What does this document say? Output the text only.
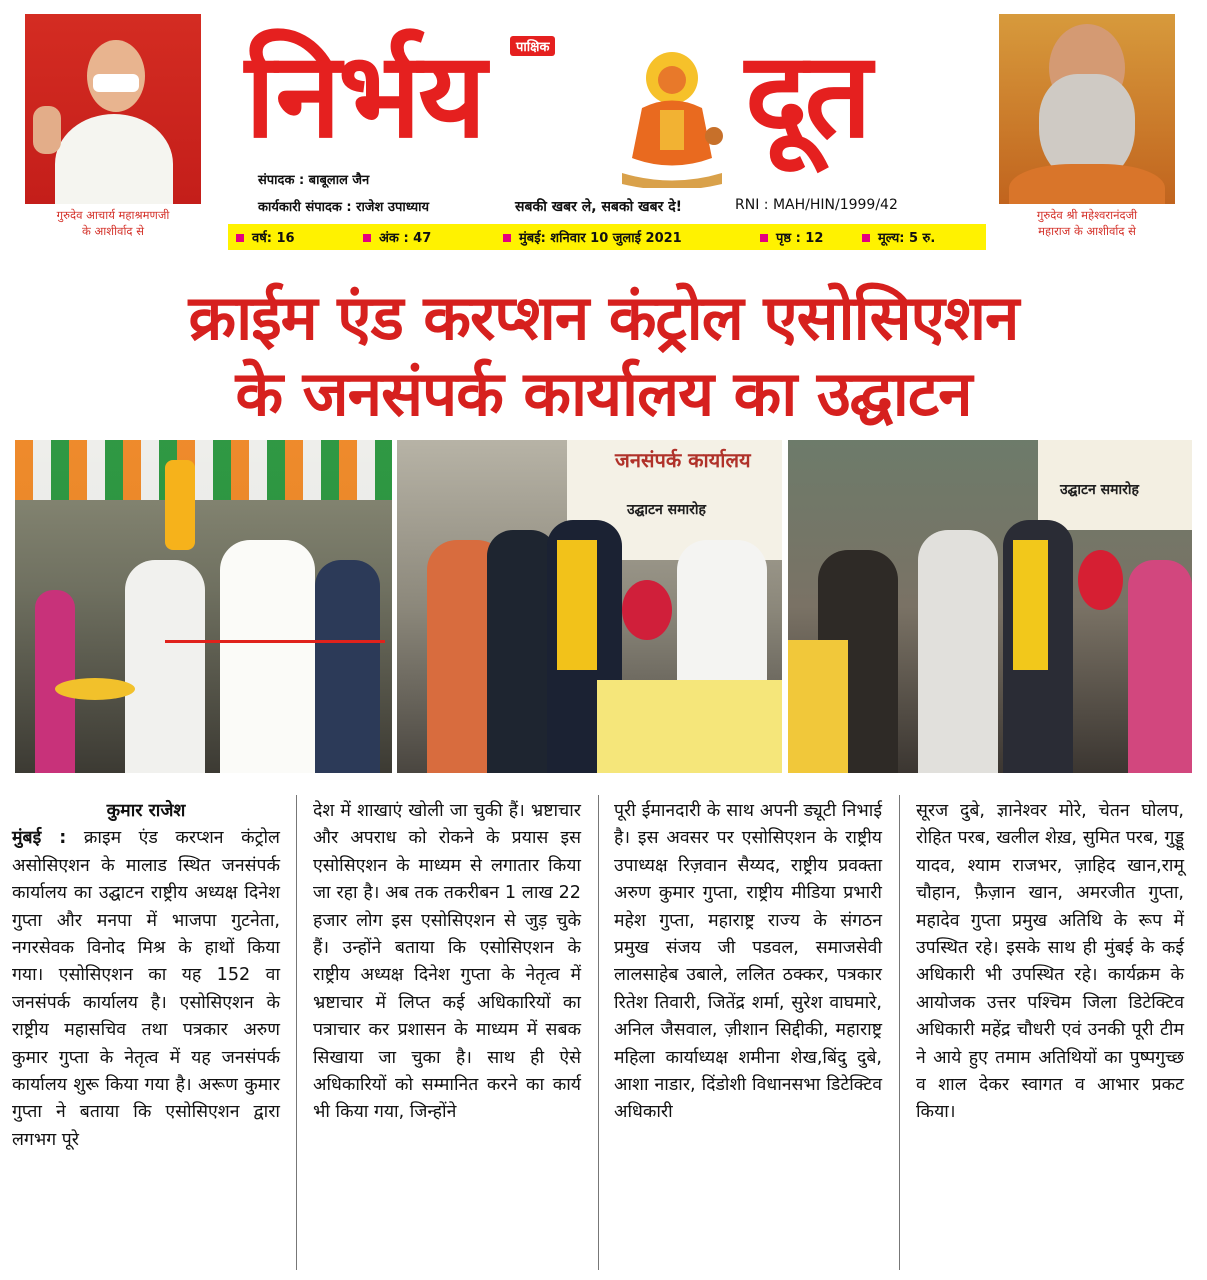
गुरुदेव आचार्य महाश्रमणजी
के आशीर्वाद से
निर्भय	पाक्षिक दूत
संपादक : बाबूलाल जैन
कार्यकारी संपादक : राजेश उपाध्याय	सबकी खबर ले, सबको खबर दे!	RNI : MAH/HIN/1999/42
गुरुदेव श्री महेश्वरानंदजी
महाराज के आशीर्वाद से
वर्ष: 16	अंक : 47	मुंबई: शनिवार 10 जुलाई 2021	पृष्ठ : 12	मूल्य: 5 रु.
क्राईम एंड करप्शन कंट्रोल एसोसिएशन
के जनसंपर्क कार्यालय का उद्घाटन
जनसंपर्क कार्यालय
उद्घाटन समारोह
उद्घाटन समारोह
कुमार राजेश
मुंबई : क्राइम एंड करप्शन कंट्रोल असोसिएशन के मालाड स्थित जनसंपर्क कार्यालय का उद्घाटन राष्ट्रीय अध्यक्ष दिनेश गुप्ता और मनपा में भाजपा गुटनेता, नगरसेवक विनोद मिश्र के हाथों किया गया। एसोसिएशन का यह 152 वा जनसंपर्क कार्यालय है। एसोसिएशन के राष्ट्रीय महासचिव तथा पत्रकार अरुण कुमार गुप्ता के नेतृत्व में यह जनसंपर्क कार्यालय शुरू किया गया है। अरूण कुमार गुप्ता ने बताया कि एसोसिएशन द्वारा लगभग पूरे
देश में शाखाएं खोली जा चुकी हैं। भ्रष्टाचार और अपराध को रोकने के प्रयास इस एसोसिएशन के माध्यम से लगातार किया जा रहा है। अब तक तकरीबन 1 लाख 22 हजार लोग इस एसोसिएशन से जुड़ चुके हैं। उन्होंने बताया कि एसोसिएशन के राष्ट्रीय अध्यक्ष दिनेश गुप्ता के नेतृत्व में भ्रष्टाचार में लिप्त कई अधिकारियों का पत्राचार कर प्रशासन के माध्यम में सबक सिखाया जा चुका है। साथ ही ऐसे अधिकारियों को सम्मानित करने का कार्य भी किया गया, जिन्होंने
पूरी ईमानदारी के साथ अपनी ड्यूटी निभाई है। इस अवसर पर एसोसिएशन के राष्ट्रीय उपाध्यक्ष रिज़वान सैय्यद, राष्ट्रीय प्रवक्ता अरुण कुमार गुप्ता, राष्ट्रीय मीडिया प्रभारी महेश गुप्ता, महाराष्ट्र राज्य के संगठन प्रमुख संजय जी पडवल, समाजसेवी लालसाहेब उबाले, ललित ठक्कर, पत्रकार रितेश तिवारी, जितेंद्र शर्मा, सुरेश वाघमारे, अनिल जैसवाल, ज़ीशान सिद्दीकी, महाराष्ट्र महिला कार्याध्यक्ष शमीना शेख,बिंदु दुबे, आशा नाडार, दिंडोशी विधानसभा डिटेक्टिव अधिकारी
सूरज दुबे, ज्ञानेश्वर मोरे, चेतन घोलप, रोहित परब, खलील शेख़, सुमित परब, गुड्डू यादव, श्याम राजभर, ज़ाहिद खान,रामू चौहान, फ़ैज़ान खान, अमरजीत गुप्ता, महादेव गुप्ता प्रमुख अतिथि के रूप में उपस्थित रहे। इसके साथ ही मुंबई के कई अधिकारी भी उपस्थित रहे। कार्यक्रम के आयोजक उत्तर पश्चिम जिला डिटेक्टिव अधिकारी महेंद्र चौधरी एवं उनकी पूरी टीम ने आये हुए तमाम अतिथियों का पुष्पगुच्छ व शाल देकर स्वागत व आभार प्रकट किया।
